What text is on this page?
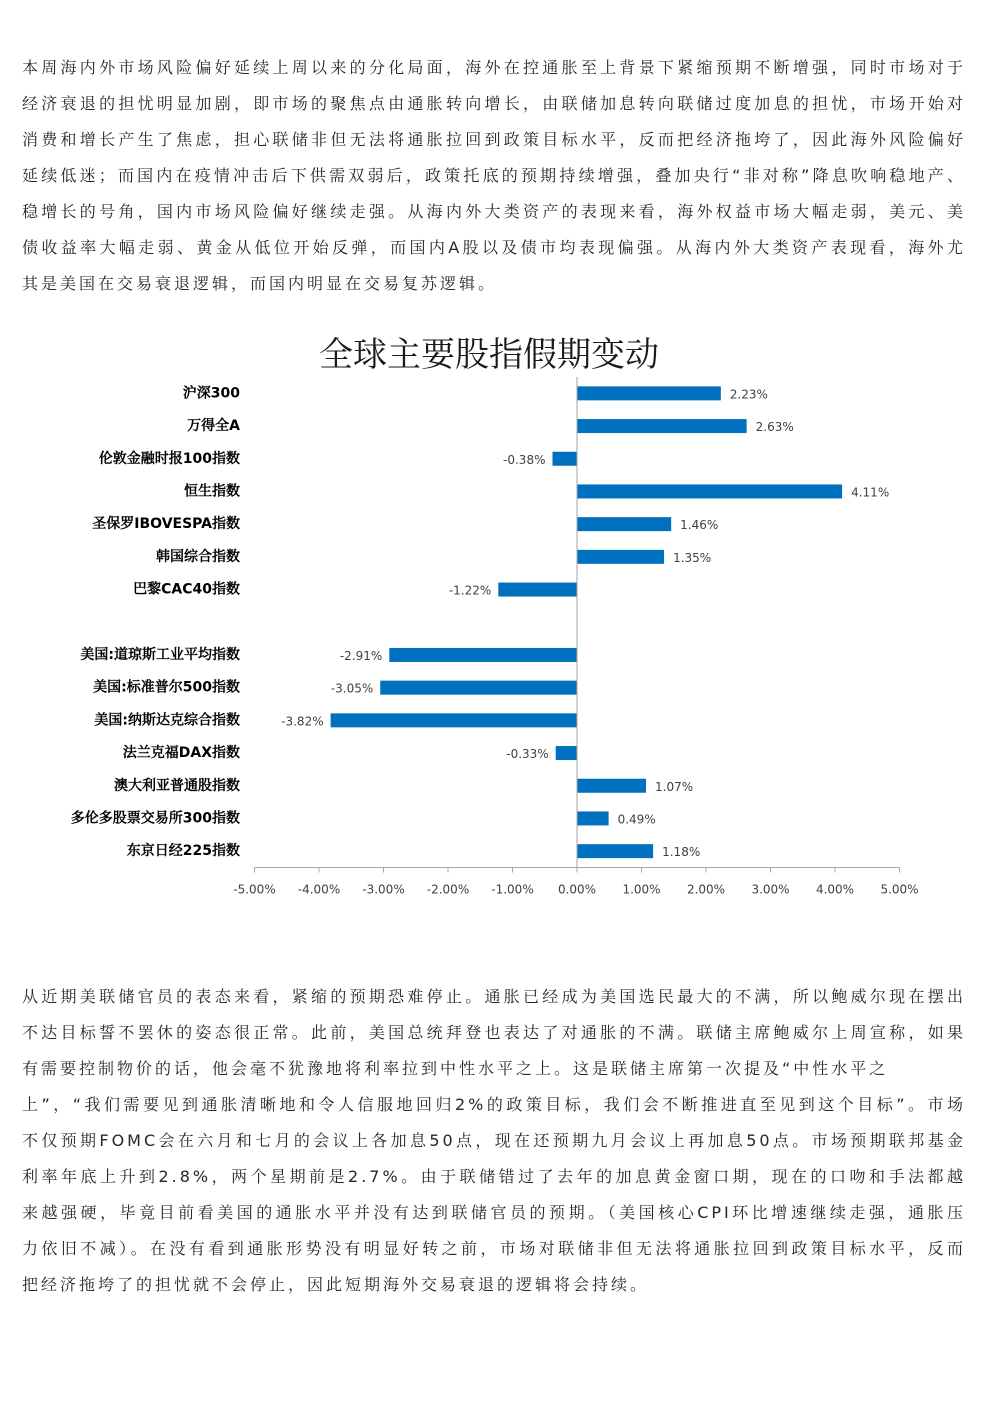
本周海内外市场风险偏好延续上周以来的分化局面，海外在控通胀至上背景下紧缩预期不断增强，同时市场对于
经济衰退的担忧明显加剧，即市场的聚焦点由通胀转向增长，由联储加息转向联储过度加息的担忧，市场开始对
消费和增长产生了焦虑，担心联储非但无法将通胀拉回到政策目标水平，反而把经济拖垮了，因此海外风险偏好
延续低迷；而国内在疫情冲击后下供需双弱后，政策托底的预期持续增强，叠加央行“非对称”降息吹响稳地产、
稳增长的号角，国内市场风险偏好继续走强。从海内外大类资产的表现来看，海外权益市场大幅走弱，美元、美
债收益率大幅走弱、黄金从低位开始反弹，而国内A股以及债市均表现偏强。从海内外大类资产表现看，海外尤
其是美国在交易衰退逻辑，而国内明显在交易复苏逻辑。
全球主要股指假期变动
沪深300	2.23%
万得全A	2.63%
伦敦金融时报100指数	-0.38%
恒生指数	4.11%
圣保罗IBOVESPA指数	1.46%
韩国综合指数	1.35%
巴黎CAC40指数	-1.22%
美国:道琼斯工业平均指数	-2.91%
美国:标准普尔500指数	-3.05%
美国:纳斯达克综合指数	-3.82%
法兰克福DAX指数	-0.33%
澳大利亚普通股指数	1.07%
多伦多股票交易所300指数	0.49%
东京日经225指数	1.18%
-5.00% -4.00% -3.00% -2.00% -1.00% 0.00% 1.00% 2.00% 3.00% 4.00% 5.00%
从近期美联储官员的表态来看，紧缩的预期恐难停止。通胀已经成为美国选民最大的不满，所以鲍威尔现在摆出
不达目标誓不罢休的姿态很正常。此前，美国总统拜登也表达了对通胀的不满。联储主席鲍威尔上周宣称，如果
有需要控制物价的话，他会毫不犹豫地将利率拉到中性水平之上。这是联储主席第一次提及“中性水平之
上”，“我们需要见到通胀清晰地和令人信服地回归2%的政策目标，我们会不断推进直至见到这个目标”。市场
不仅预期FOMC会在六月和七月的会议上各加息50点，现在还预期九月会议上再加息50点。市场预期联邦基金
利率年底上升到2.8%，两个星期前是2.7%。由于联储错过了去年的加息黄金窗口期，现在的口吻和手法都越
来越强硬，毕竟目前看美国的通胀水平并没有达到联储官员的预期。（美国核心CPI环比增速继续走强，通胀压
力依旧不减）。在没有看到通胀形势没有明显好转之前，市场对联储非但无法将通胀拉回到政策目标水平，反而
把经济拖垮了的担忧就不会停止，因此短期海外交易衰退的逻辑将会持续。
